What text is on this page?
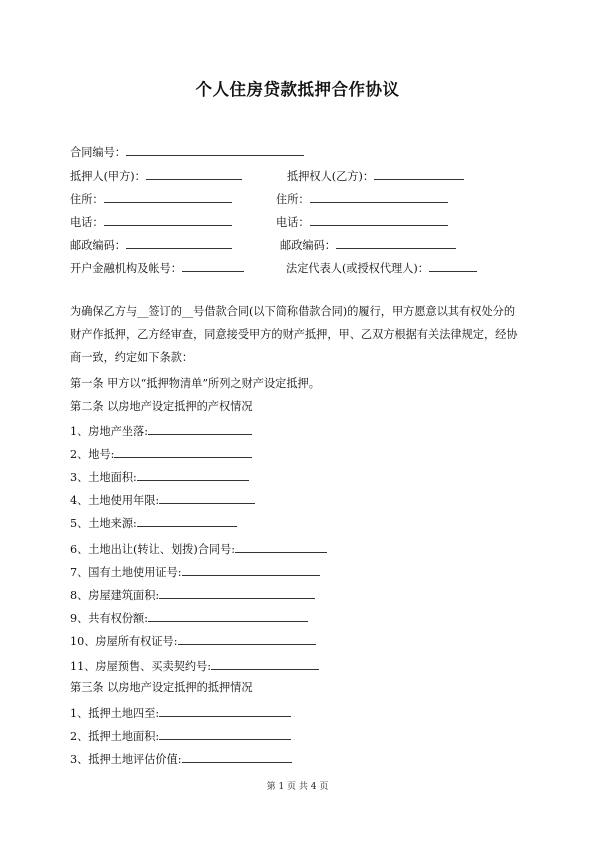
个人住房贷款抵押合作协议
合同编号：
抵押人(甲方)：	抵押权人(乙方)：
住所：	住所：
电话：	电话：
邮政编码：	邮政编码：
开户金融机构及帐号：	法定代表人(或授权代理人)：
为确保乙方与__签订的__号借款合同(以下简称借款合同)的履行，甲方愿意以其有权处分的财产作抵押，乙方经审查，同意接受甲方的财产抵押，甲、乙双方根据有关法律规定，经协商一致，约定如下条款：
第一条 甲方以“抵押物清单”所列之财产设定抵押。
第二条 以房地产设定抵押的产权情况
1、房地产坐落:
2、地号:
3、土地面积:
4、土地使用年限:
5、土地来源:
6、土地出让(转让、划拨)合同号:
7、国有土地使用证号:
8、房屋建筑面积:
9、共有权份额:
10、房屋所有权证号:
11、房屋预售、买卖契约号:
第三条 以房地产设定抵押的抵押情况
1、抵押土地四至:
2、抵押土地面积:
3、抵押土地评估价值:
第 1 页 共 4 页
